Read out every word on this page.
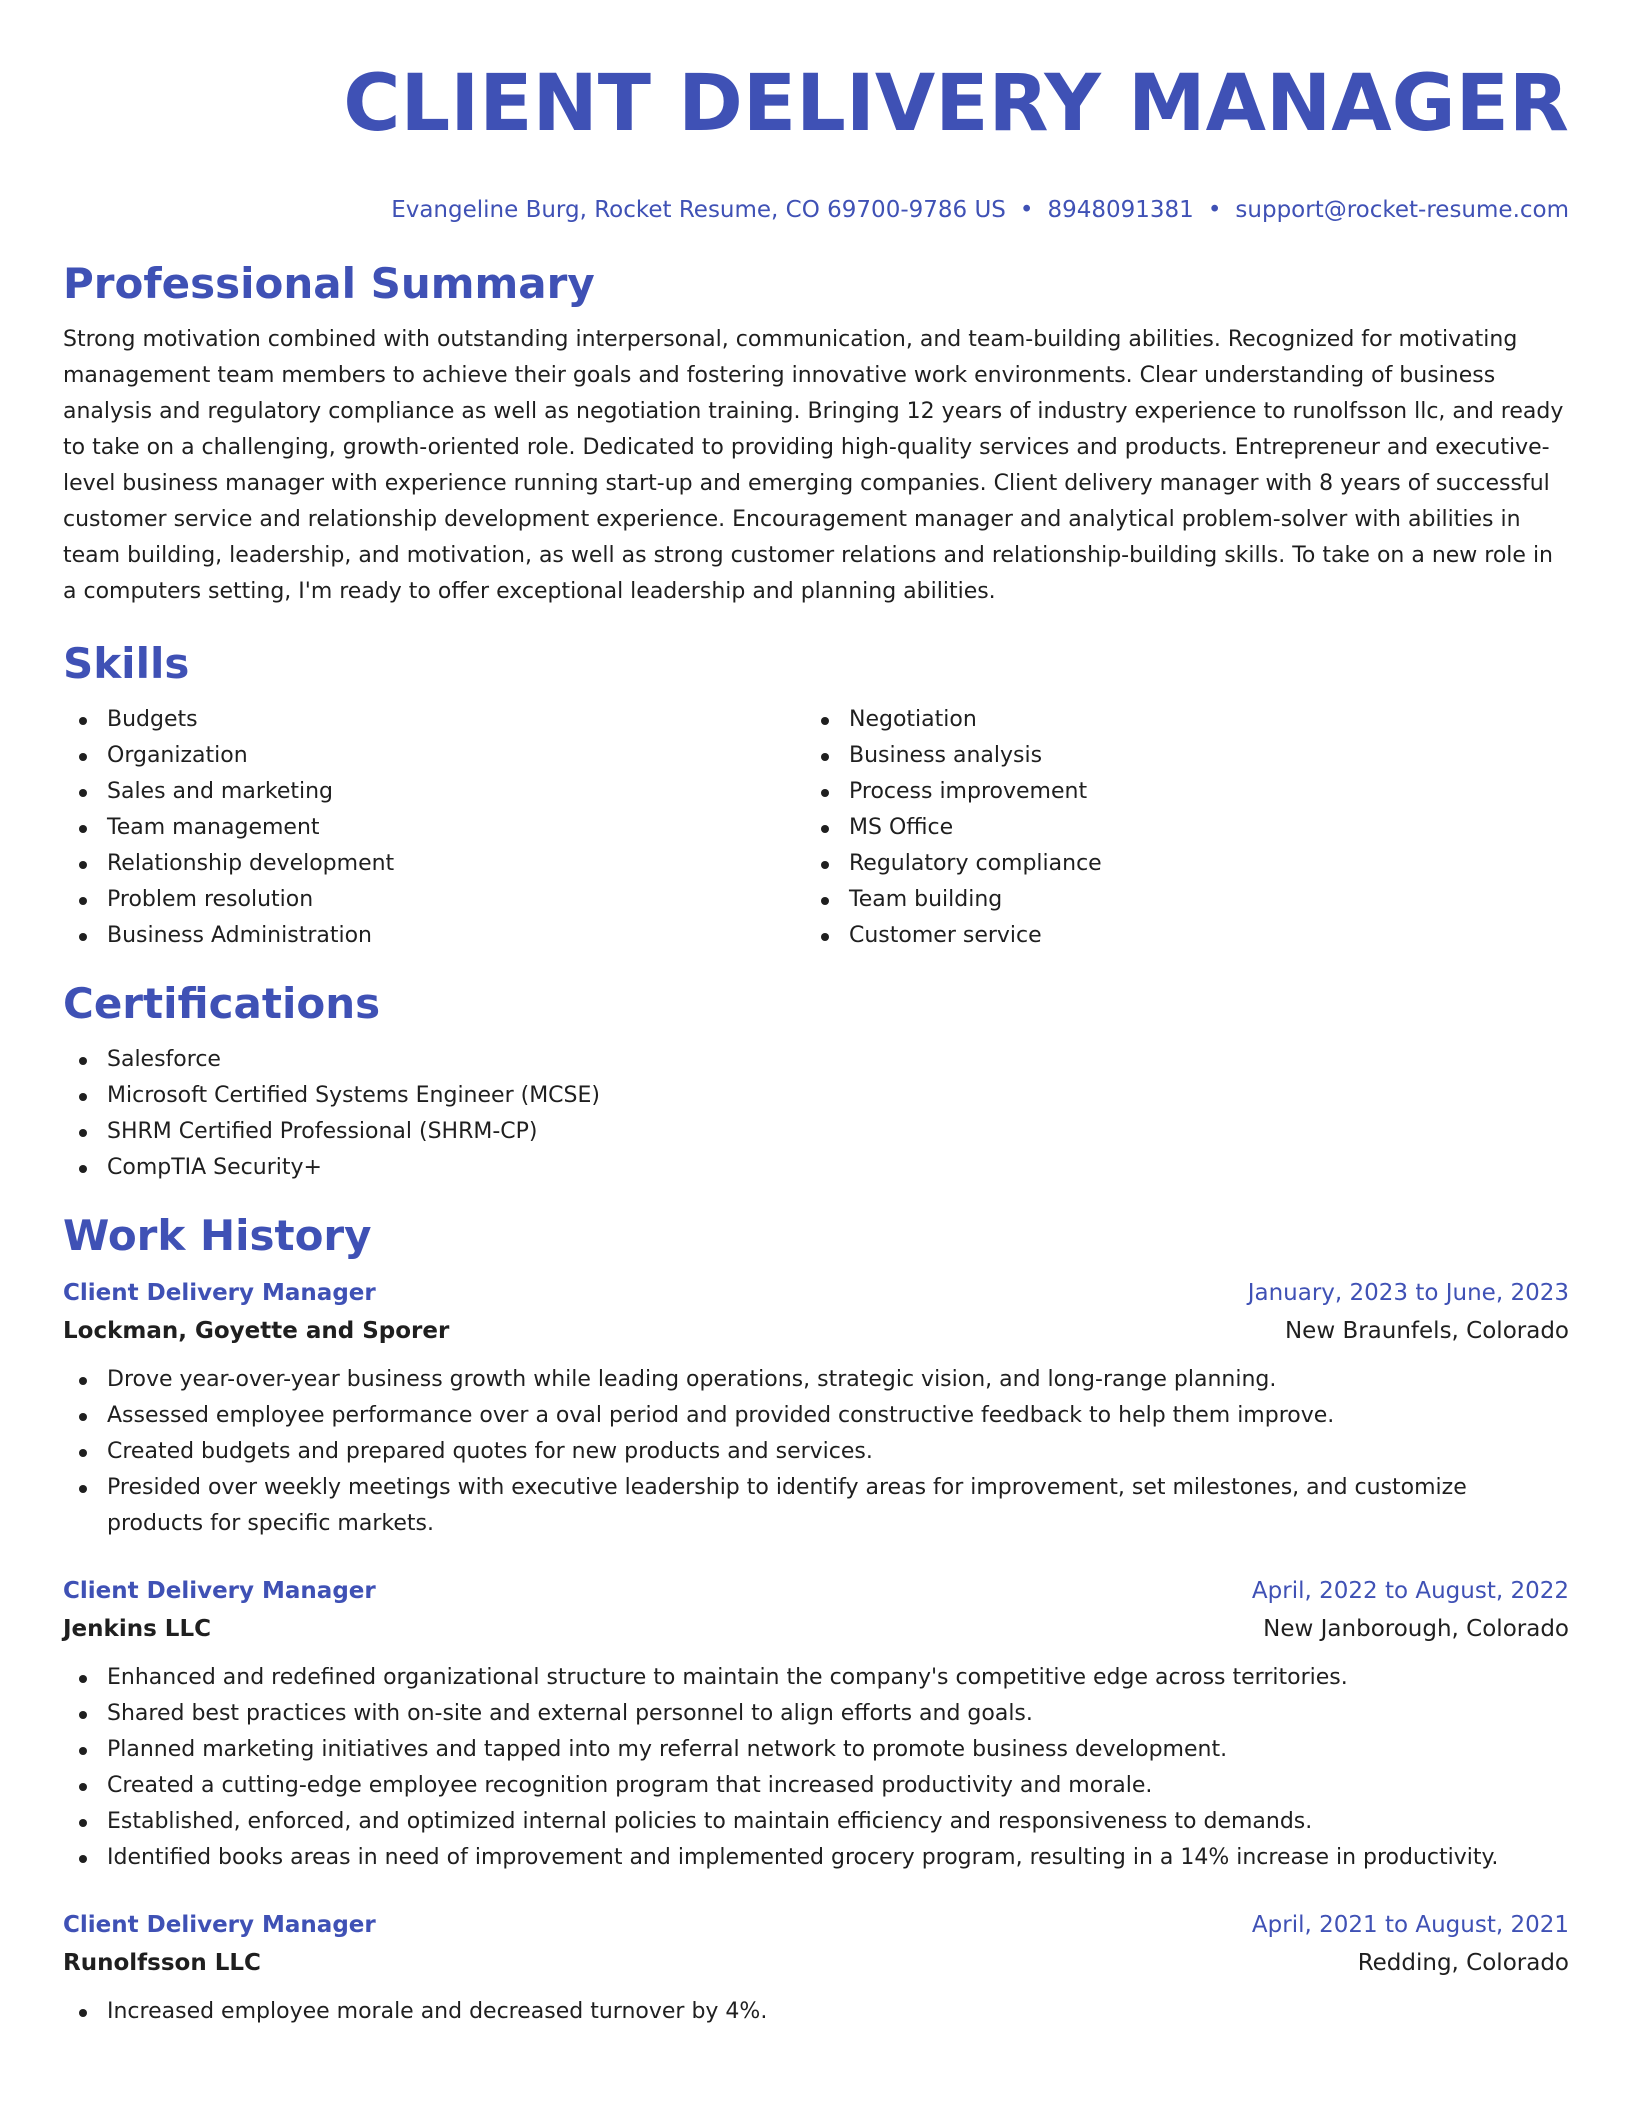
CLIENT DELIVERY MANAGER
Evangeline Burg, Rocket Resume, CO 69700-9786 US • 8948091381 • support@rocket-resume.com
Professional Summary

Strong motivation combined with outstanding interpersonal, communication, and team-building abilities. Recognized for motivating management team members to achieve their goals and fostering innovative work environments. Clear understanding of business analysis and regulatory compliance as well as negotiation training. Bringing 12 years of industry experience to runolfsson llc, and ready to take on a challenging, growth-oriented role. Dedicated to providing high-quality services and products. Entrepreneur and executive-level business manager with experience running start-up and emerging companies. Client delivery manager with 8 years of successful customer service and relationship development experience. Encouragement manager and analytical problem-solver with abilities in team building, leadership, and motivation, as well as strong customer relations and relationship-building skills. To take on a new role in a computers setting, I'm ready to offer exceptional leadership and planning abilities.

Skills
Budgets
Organization
Sales and marketing
Team management
Relationship development
Problem resolution
Business Administration
Negotiation
Business analysis
Process improvement
MS Office
Regulatory compliance
Team building
Customer service
Certifications
Salesforce
Microsoft Certified Systems Engineer (MCSE)
SHRM Certified Professional (SHRM-CP)
CompTIA Security+
Work History
Client Delivery Manager	January, 2023 to June, 2023
Lockman, Goyette and Sporer	New Braunfels, Colorado
Drove year-over-year business growth while leading operations, strategic vision, and long-range planning.
Assessed employee performance over a oval period and provided constructive feedback to help them improve.
Created budgets and prepared quotes for new products and services.
Presided over weekly meetings with executive leadership to identify areas for improvement, set milestones, and customize products for specific markets.
Client Delivery Manager	April, 2022 to August, 2022
Jenkins LLC	New Janborough, Colorado
Enhanced and redefined organizational structure to maintain the company's competitive edge across territories.
Shared best practices with on-site and external personnel to align efforts and goals.
Planned marketing initiatives and tapped into my referral network to promote business development.
Created a cutting-edge employee recognition program that increased productivity and morale.
Established, enforced, and optimized internal policies to maintain efficiency and responsiveness to demands.
Identified books areas in need of improvement and implemented grocery program, resulting in a 14% increase in productivity.
Client Delivery Manager	April, 2021 to August, 2021
Runolfsson LLC	Redding, Colorado
Increased employee morale and decreased turnover by 4%.
